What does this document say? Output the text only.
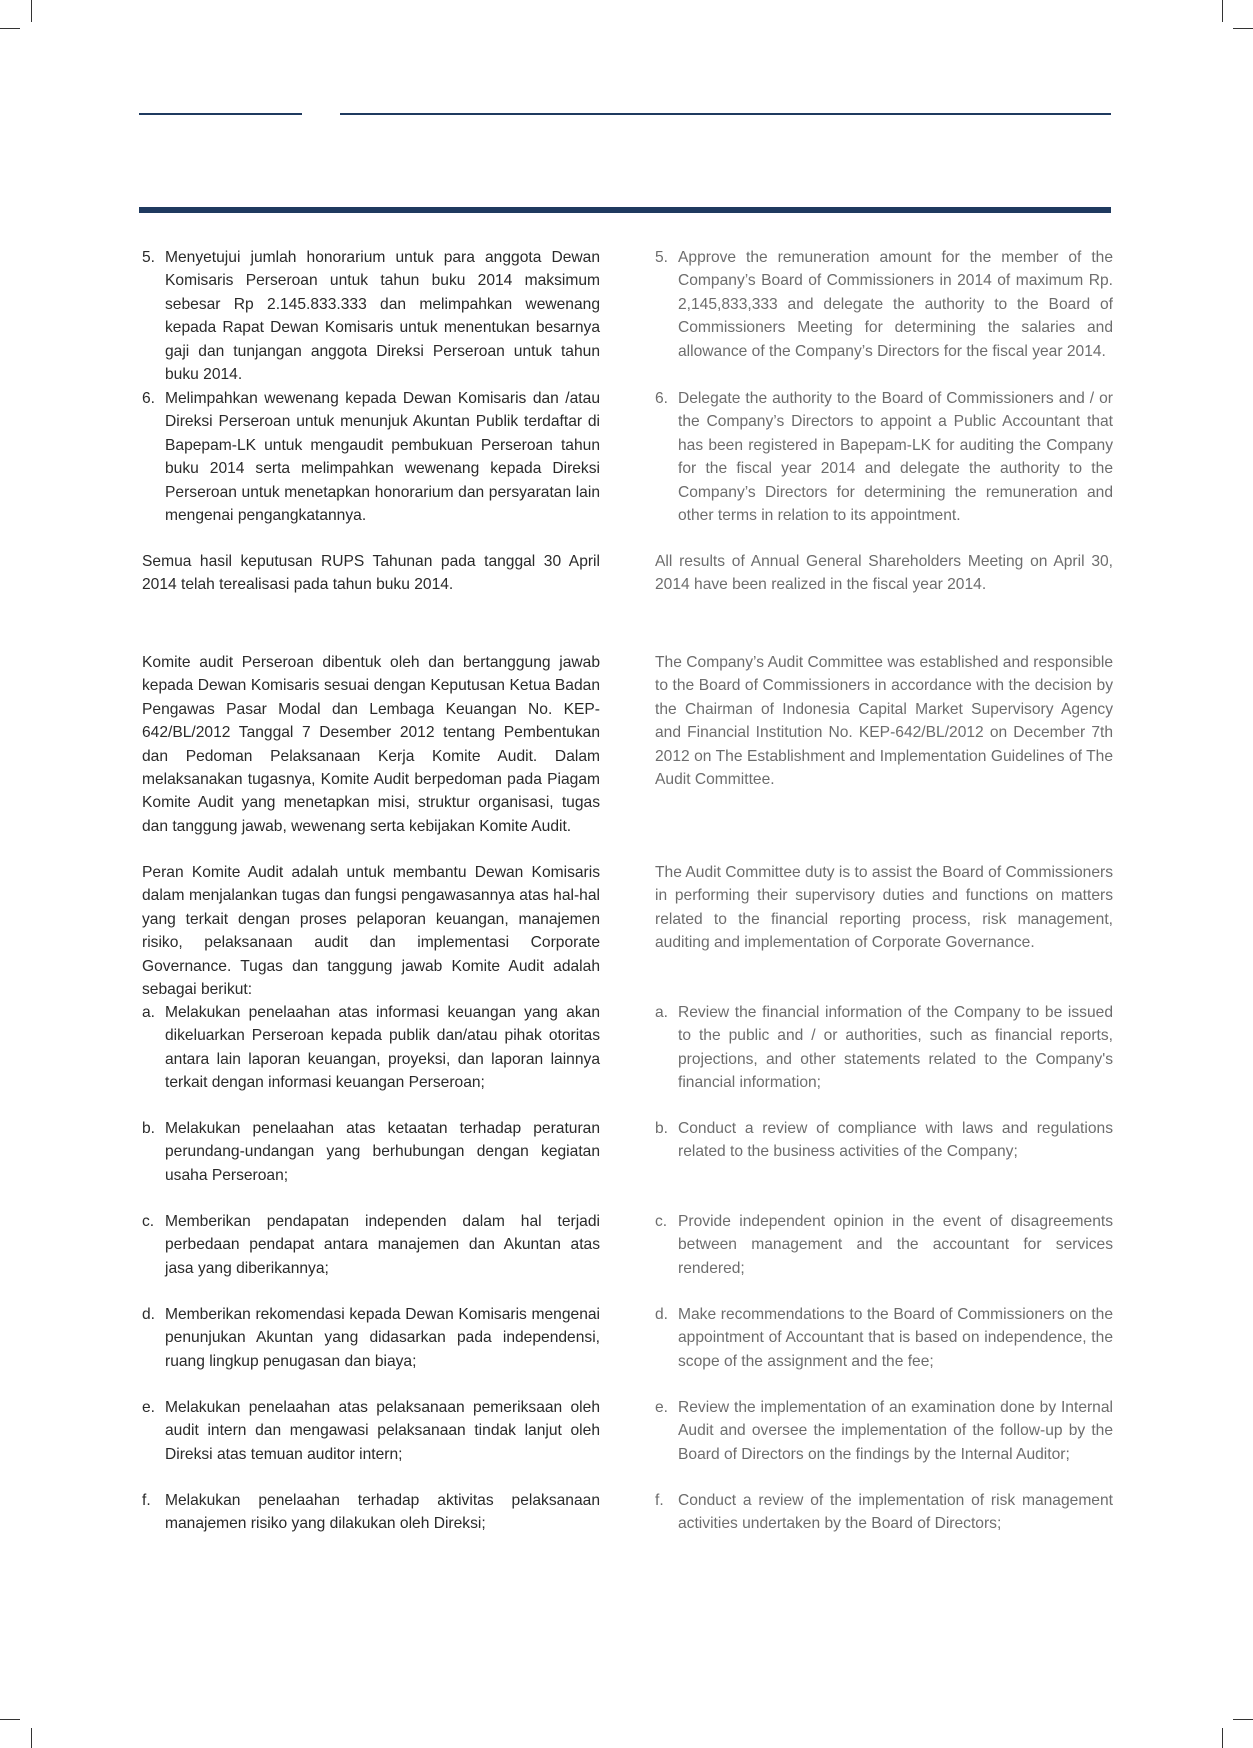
5. Menyetujui jumlah honorarium untuk para anggota Dewan Komisaris Perseroan untuk tahun buku 2014 maksimum sebesar Rp 2.145.833.333 dan melimpahkan wewenang kepada Rapat Dewan Komisaris untuk menentukan besarnya gaji dan tunjangan anggota Direksi Perseroan untuk tahun buku 2014.
6. Melimpahkan wewenang kepada Dewan Komisaris dan /atau Direksi Perseroan untuk menunjuk Akuntan Publik terdaftar di Bapepam-LK untuk mengaudit pembukuan Perseroan tahun buku 2014 serta melimpahkan wewenang kepada Direksi Perseroan untuk menetapkan honorarium dan persyaratan lain mengenai pengangkatannya.
Semua hasil keputusan RUPS Tahunan pada tanggal 30 April 2014 telah terealisasi pada tahun buku 2014.
Komite audit Perseroan dibentuk oleh dan bertanggung jawab kepada Dewan Komisaris sesuai dengan Keputusan Ketua Badan Pengawas Pasar Modal dan Lembaga Keuangan No. KEP-642/BL/2012 Tanggal 7 Desember 2012 tentang Pembentukan dan Pedoman Pelaksanaan Kerja Komite Audit. Dalam melaksanakan tugasnya, Komite Audit berpedoman pada Piagam Komite Audit yang menetapkan misi, struktur organisasi, tugas dan tanggung jawab, wewenang serta kebijakan Komite Audit.
Peran Komite Audit adalah untuk membantu Dewan Komisaris dalam menjalankan tugas dan fungsi pengawasannya atas hal-hal yang terkait dengan proses pelaporan keuangan, manajemen risiko, pelaksanaan audit dan implementasi Corporate Governance. Tugas dan tanggung jawab Komite Audit adalah sebagai berikut:
a. Melakukan penelaahan atas informasi keuangan yang akan dikeluarkan Perseroan kepada publik dan/atau pihak otoritas antara lain laporan keuangan, proyeksi, dan laporan lainnya terkait dengan informasi keuangan Perseroan;
b. Melakukan penelaahan atas ketaatan terhadap peraturan perundang-undangan yang berhubungan dengan kegiatan usaha Perseroan;
c. Memberikan pendapatan independen dalam hal terjadi perbedaan pendapat antara manajemen dan Akuntan atas jasa yang diberikannya;
d. Memberikan rekomendasi kepada Dewan Komisaris mengenai penunjukan Akuntan yang didasarkan pada independensi, ruang lingkup penugasan dan biaya;
e. Melakukan penelaahan atas pelaksanaan pemeriksaan oleh audit intern dan mengawasi pelaksanaan tindak lanjut oleh Direksi atas temuan auditor intern;
f. Melakukan penelaahan terhadap aktivitas pelaksanaan manajemen risiko yang dilakukan oleh Direksi;
5. Approve the remuneration amount for the member of the Company’s Board of Commissioners in 2014 of maximum Rp. 2,145,833,333 and delegate the authority to the Board of Commissioners Meeting for determining the salaries and allowance of the Company’s Directors for the fiscal year 2014.
6. Delegate the authority to the Board of Commissioners and / or the Company’s Directors to appoint a Public Accountant that has been registered in Bapepam-LK for auditing the Company for the fiscal year 2014 and delegate the authority to the Company’s Directors for determining the remuneration and other terms in relation to its appointment.
All results of Annual General Shareholders Meeting on April 30, 2014 have been realized in the fiscal year 2014.
The Company’s Audit Committee was established and responsible to the Board of Commissioners in accordance with the decision by the Chairman of Indonesia Capital Market Supervisory Agency and Financial Institution No. KEP-642/BL/2012 on December 7th 2012 on The Establishment and Implementation Guidelines of The Audit Committee.
The Audit Committee duty is to assist the Board of Commissioners in performing their supervisory duties and functions on matters related to the financial reporting process, risk management, auditing and implementation of Corporate Governance.
a. Review the financial information of the Company to be issued to the public and / or authorities, such as financial reports, projections, and other statements related to the Company's financial information;
b. Conduct a review of compliance with laws and regulations related to the business activities of the Company;
c. Provide independent opinion in the event of disagreements between management and the accountant for services rendered;
d. Make recommendations to the Board of Commissioners on the appointment of Accountant that is based on independence, the scope of the assignment and the fee;
e. Review the implementation of an examination done by Internal Audit and oversee the implementation of the follow-up by the Board of Directors on the findings by the Internal Auditor;
f. Conduct a review of the implementation of risk management activities undertaken by the Board of Directors;
